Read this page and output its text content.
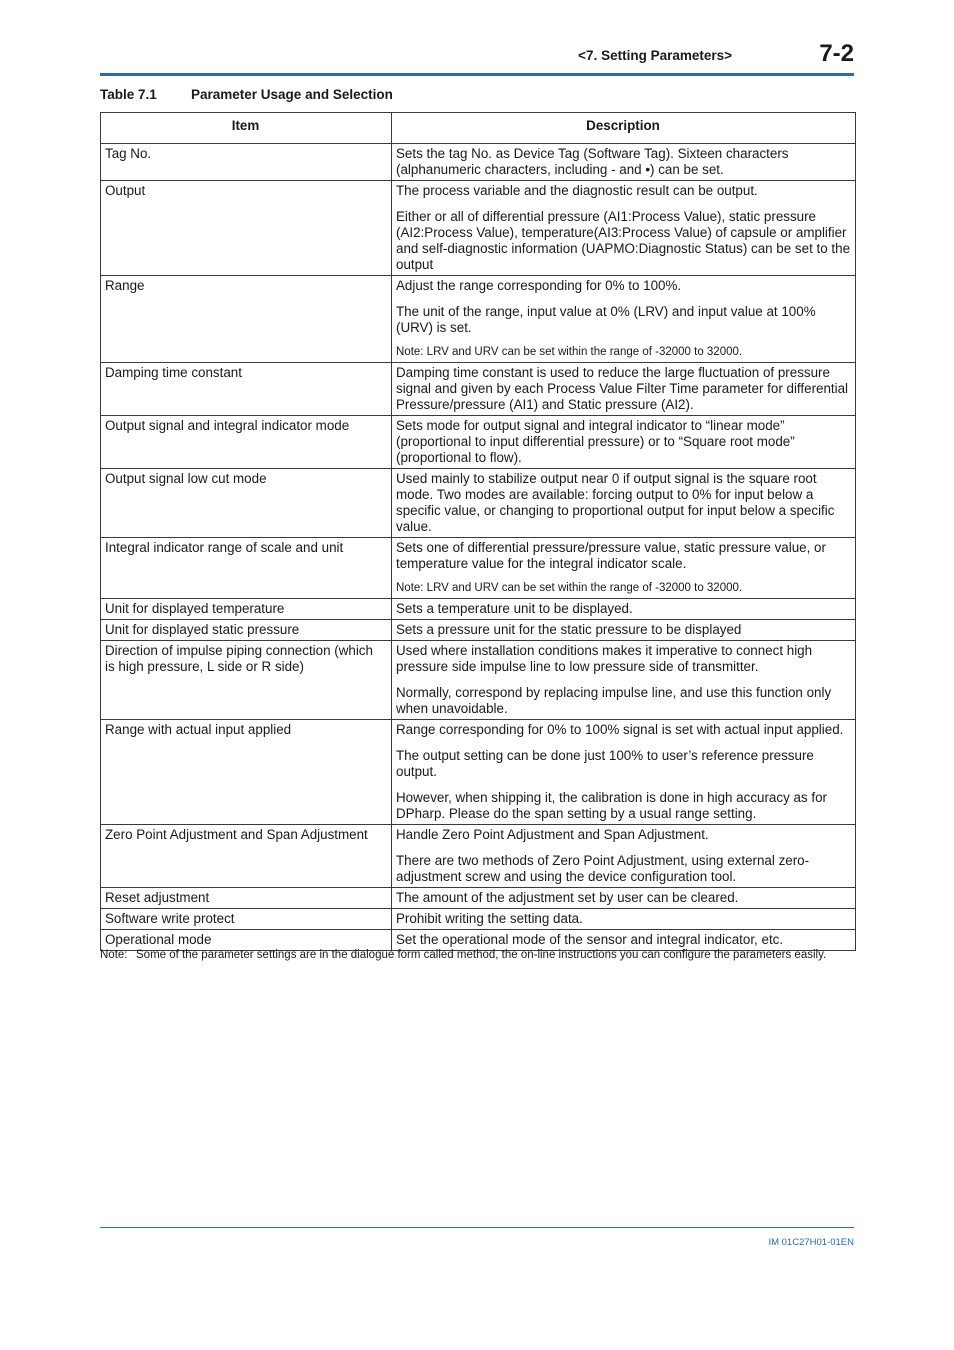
<7. Setting Parameters>	7-2
Table 7.1	Parameter Usage and Selection
Item	Description
Tag No.	Sets the tag No. as Device Tag (Software Tag). Sixteen characters (alphanumeric characters, including - and •) can be set.

Output	The process variable and the diagnostic result can be output.

Either or all of differential pressure (AI1:Process Value), static pressure (AI2:Process Value), temperature(AI3:Process Value) of capsule or amplifier and self-diagnostic information (UAPMO:Diagnostic Status) can be set to the output

Range	Adjust the range corresponding for 0% to 100%.

The unit of the range, input value at 0% (LRV) and input value at 100% (URV) is set.

Note: LRV and URV can be set within the range of -32000 to 32000.

Damping time constant	Damping time constant is used to reduce the large fluctuation of pressure signal and given by each Process Value Filter Time parameter for differential Pressure/pressure (AI1) and Static pressure (AI2).

Output signal and integral indicator mode	Sets mode for output signal and integral indicator to “linear mode” (proportional to input differential pressure) or to “Square root mode” (proportional to flow).

Output signal low cut mode	Used mainly to stabilize output near 0 if output signal is the square root mode. Two modes are available: forcing output to 0% for input below a specific value, or changing to proportional output for input below a specific value.

Integral indicator range of scale and unit	Sets one of differential pressure/pressure value, static pressure value, or temperature value for the integral indicator scale.

Note: LRV and URV can be set within the range of -32000 to 32000.

Unit for displayed temperature	Sets a temperature unit to be displayed.

Unit for displayed static pressure	Sets a pressure unit for the static pressure to be displayed

Direction of impulse piping connection (which is high pressure, L side or R side)	Used where installation conditions makes it imperative to connect high pressure side impulse line to low pressure side of transmitter.

Normally, correspond by replacing impulse line, and use this function only when unavoidable.

Range with actual input applied	Range corresponding for 0% to 100% signal is set with actual input applied.

The output setting can be done just 100% to user’s reference pressure output.

However, when shipping it, the calibration is done in high accuracy as for DPharp. Please do the span setting by a usual range setting.

Zero Point Adjustment and Span Adjustment	Handle Zero Point Adjustment and Span Adjustment.

There are two methods of Zero Point Adjustment, using external zero-adjustment screw and using the device configuration tool.

Reset adjustment	The amount of the adjustment set by user can be cleared.

Software write protect	Prohibit writing the setting data.

Operational mode	Set the operational mode of the sensor and integral indicator, etc.

Note: Some of the parameter settings are in the dialogue form called method, the on-line instructions you can configure the parameters easily.
IM 01C27H01-01EN
